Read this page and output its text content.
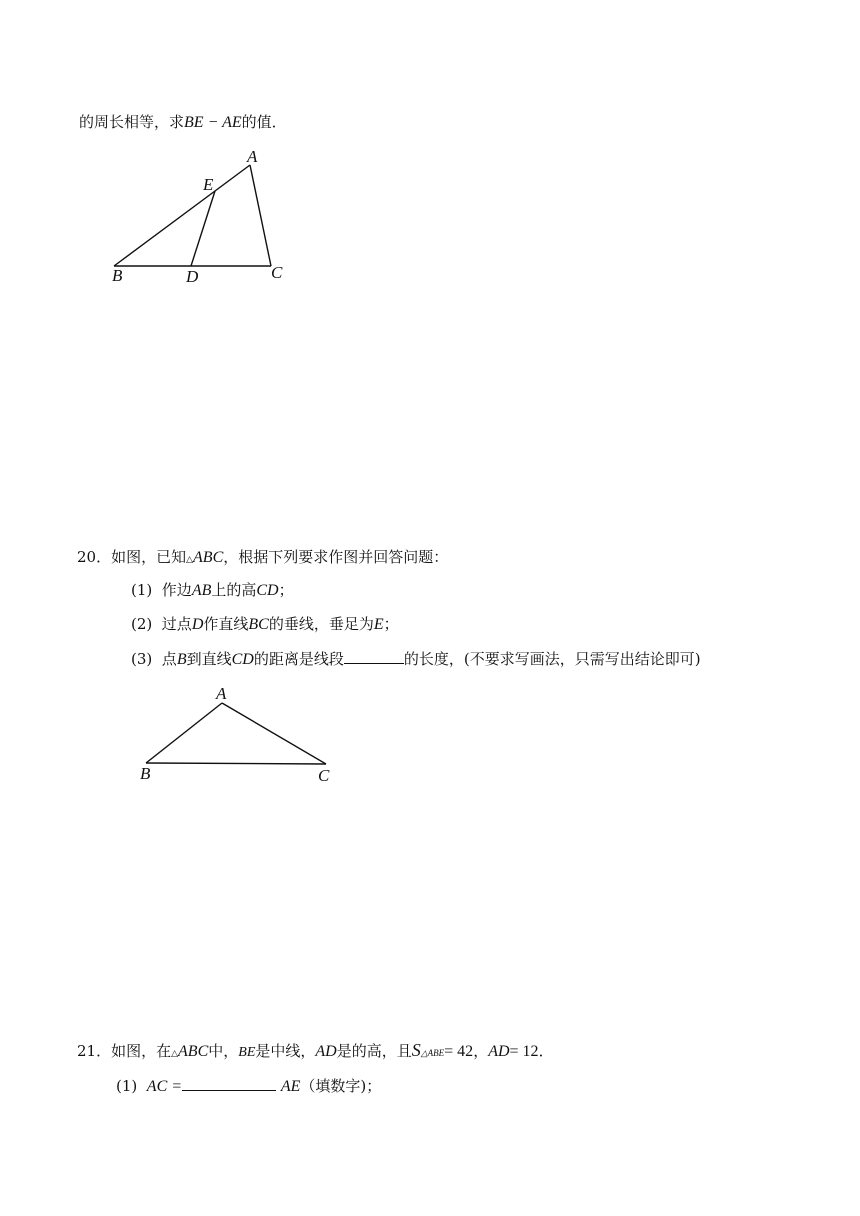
的周长相等，求BE − AE的值．
A
E
B	D	C
20．如图，已知△ABC，根据下列要求作图并回答问题：
(1) 作边AB上的高CD；
(2) 过点D作直线BC的垂线，垂足为E；
(3) 点B到直线CD的距离是线段	的长度，(不要求写画法，只需写出结论即可)
A
B	C
21．如图，在△ABC中，BE是中线，AD是的高，且S△ABE= 42，AD= 12．
(1) AC =	AE（填数字)；
